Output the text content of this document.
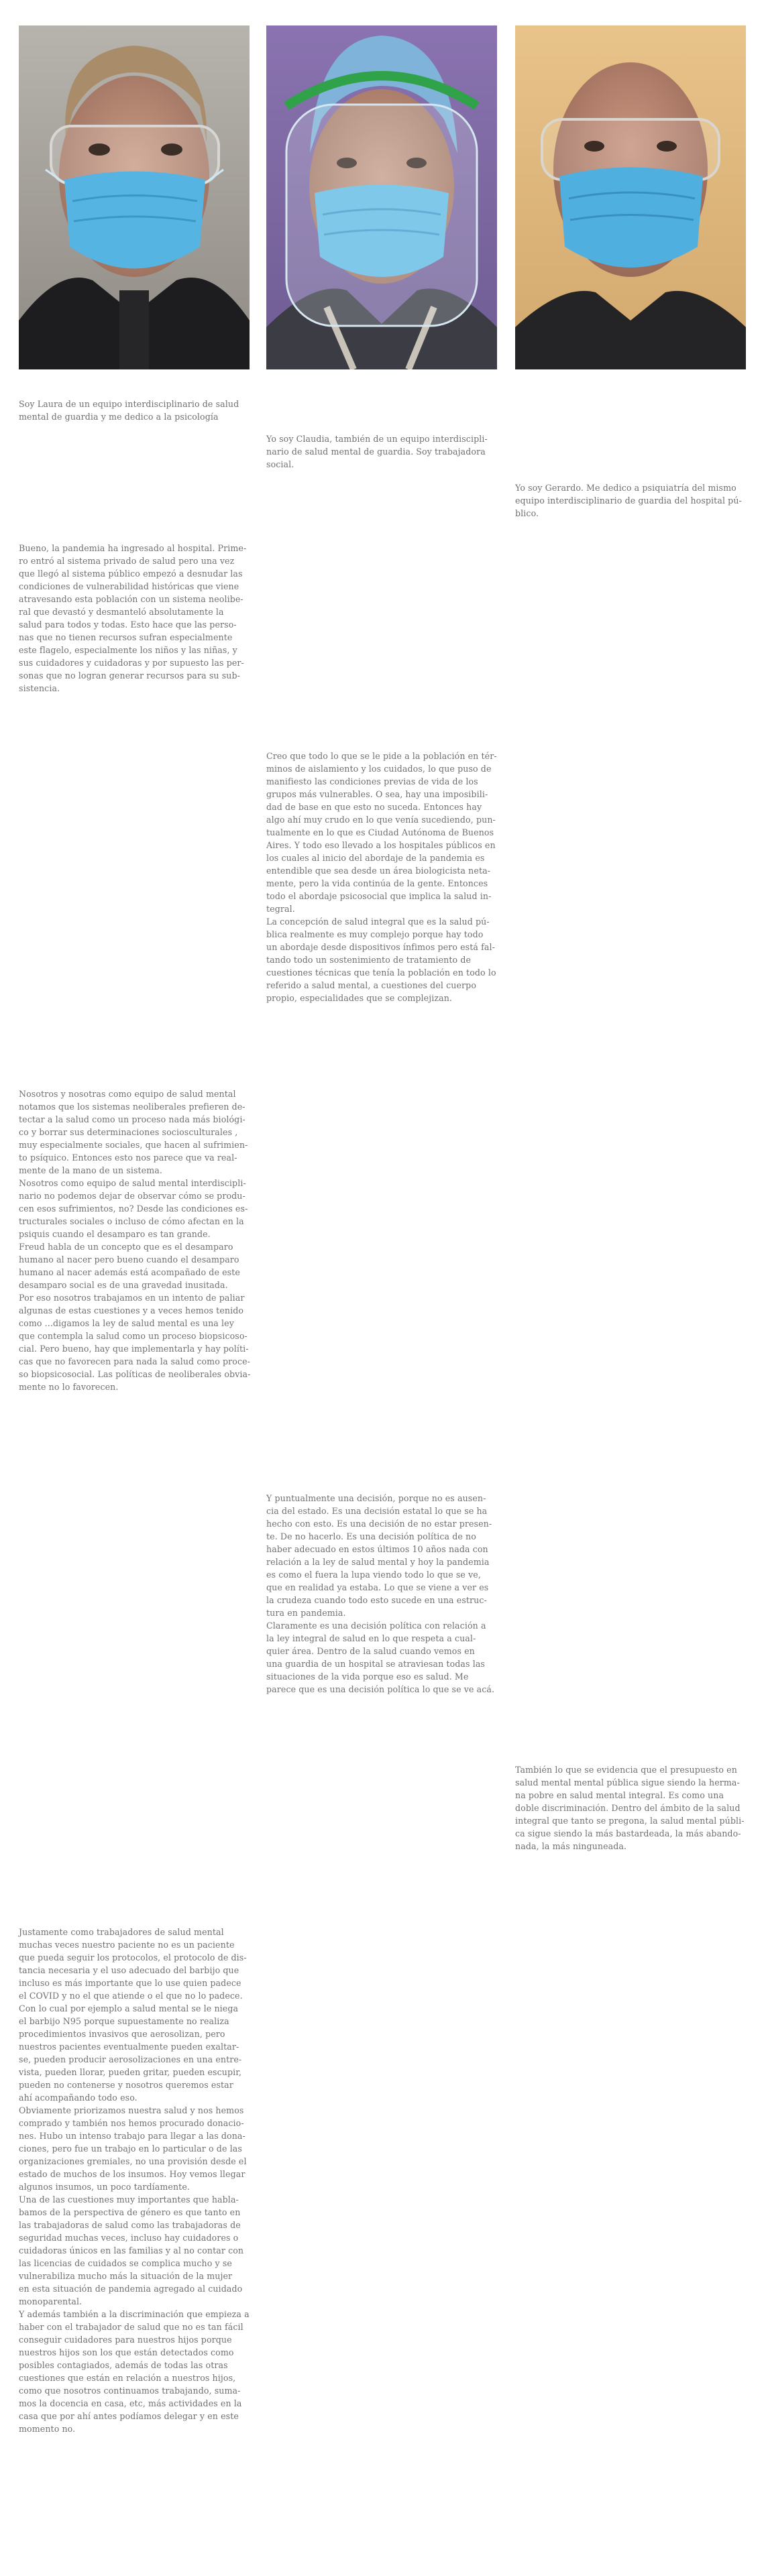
Soy Laura de un equipo interdisciplinario de salud
mental de guardia y me dedico a la psicología

Yo soy Claudia, también de un equipo interdiscipli-
nario de salud mental de guardia. Soy trabajadora
social.

Yo soy Gerardo. Me dedico a psiquiatría del mismo
equipo interdisciplinario de guardia del hospital pú-
blico.

Bueno, la pandemia ha ingresado al hospital. Prime-
ro entró al sistema privado de salud pero una vez
que llegó al sistema público empezó a desnudar las
condiciones de vulnerabilidad históricas que viene
atravesando esta población con un sistema neolibe-
ral que devastó y desmanteló absolutamente la
salud para todos y todas. Esto hace que las perso-
nas que no tienen recursos sufran especialmente
este flagelo, especialmente los niños y las niñas, y
sus cuidadores y cuidadoras y por supuesto las per-
sonas que no logran generar recursos para su sub-
sistencia.

Creo que todo lo que se le pide a la población en tér-
minos de aislamiento y los cuidados, lo que puso de
manifiesto las condiciones previas de vida de los
grupos más vulnerables. O sea, hay una imposibili-
dad de base en que esto no suceda. Entonces hay
algo ahí muy crudo en lo que venía sucediendo, pun-
tualmente en lo que es Ciudad Autónoma de Buenos
Aires. Y todo eso llevado a los hospitales públicos en
los cuales al inicio del abordaje de la pandemia es
entendible que sea desde un área biologicista neta-
mente, pero la vida continúa de la gente. Entonces
todo el abordaje psicosocial que implica la salud in-
tegral.
La concepción de salud integral que es la salud pú-
blica realmente es muy complejo porque hay todo
un abordaje desde dispositivos ínfimos pero está fal-
tando todo un sostenimiento de tratamiento de
cuestiones técnicas que tenía la población en todo lo
referido a salud mental, a cuestiones del cuerpo
propio, especialidades que se complejizan.

Nosotros y nosotras como equipo de salud mental
notamos que los sistemas neoliberales prefieren de-
tectar a la salud como un proceso nada más biológi-
co y borrar sus determinaciones sociosculturales ,
muy especialmente sociales, que hacen al sufrimien-
to psíquico. Entonces esto nos parece que va real-
mente de la mano de un sistema.
Nosotros como equipo de salud mental interdiscipli-
nario no podemos dejar de observar cómo se produ-
cen esos sufrimientos, no? Desde las condiciones es-
tructurales sociales o incluso de cómo afectan en la
psiquis cuando el desamparo es tan grande.
Freud habla de un concepto que es el desamparo
humano al nacer pero bueno cuando el desamparo
humano al nacer además está acompañado de este
desamparo social es de una gravedad inusitada.
Por eso nosotros trabajamos en un intento de paliar
algunas de estas cuestiones y a veces hemos tenido
como ...digamos la ley de salud mental es una ley
que contempla la salud como un proceso biopsicoso-
cial. Pero bueno, hay que implementarla y hay políti-
cas que no favorecen para nada la salud como proce-
so biopsicosocial. Las políticas de neoliberales obvia-
mente no lo favorecen.

Y puntualmente una decisión, porque no es ausen-
cia del estado. Es una decisión estatal lo que se ha
hecho con esto. Es una decisión de no estar presen-
te. De no hacerlo. Es una decisión política de no
haber adecuado en estos últimos 10 años nada con
relación a la ley de salud mental y hoy la pandemia
es como el fuera la lupa viendo todo lo que se ve,
que en realidad ya estaba. Lo que se viene a ver es
la crudeza cuando todo esto sucede en una estruc-
tura en pandemia.
Claramente es una decisión política con relación a
la ley integral de salud en lo que respeta a cual-
quier área. Dentro de la salud cuando vemos en
una guardia de un hospital se atraviesan todas las
situaciones de la vida porque eso es salud. Me
parece que es una decisión política lo que se ve acá.

También lo que se evidencia que el presupuesto en
salud mental mental pública sigue siendo la herma-
na pobre en salud mental integral. Es como una
doble discriminación. Dentro del ámbito de la salud
integral que tanto se pregona, la salud mental públi-
ca sigue siendo la más bastardeada, la más abando-
nada, la más ninguneada.

Justamente como trabajadores de salud mental
muchas veces nuestro paciente no es un paciente
que pueda seguir los protocolos, el protocolo de dis-
tancia necesaria y el uso adecuado del barbijo que
incluso es más importante que lo use quien padece
el COVID y no el que atiende o el que no lo padece.
Con lo cual por ejemplo a salud mental se le niega
el barbijo N95 porque supuestamente no realiza
procedimientos invasivos que aerosolizan, pero
nuestros pacientes eventualmente pueden exaltar-
se, pueden producir aerosolizaciones en una entre-
vista, pueden llorar, pueden gritar, pueden escupir,
pueden no contenerse y nosotros queremos estar
ahí acompañando todo eso.
Obviamente priorizamos nuestra salud y nos hemos
comprado y también nos hemos procurado donacio-
nes. Hubo un intenso trabajo para llegar a las dona-
ciones, pero fue un trabajo en lo particular o de las
organizaciones gremiales, no una provisión desde el
estado de muchos de los insumos. Hoy vemos llegar
algunos insumos, un poco tardíamente.
Una de las cuestiones muy importantes que habla-
bamos de la perspectiva de género es que tanto en
las trabajadoras de salud como las trabajadoras de
seguridad muchas veces, incluso hay cuidadores o
cuidadoras únicos en las familias y al no contar con
las licencias de cuidados se complica mucho y se
vulnerabiliza mucho más la situación de la mujer
en esta situación de pandemia agregado al cuidado
monoparental.
Y además también a la discriminación que empieza a
haber con el trabajador de salud que no es tan fácil
conseguir cuidadores para nuestros hijos porque
nuestros hijos son los que están detectados como
posibles contagiados, además de todas las otras
cuestiones que están en relación a nuestros hijos,
como que nosotros continuamos trabajando, suma-
mos la docencia en casa, etc, más actividades en la
casa que por ahí antes podíamos delegar y en este
momento no.
